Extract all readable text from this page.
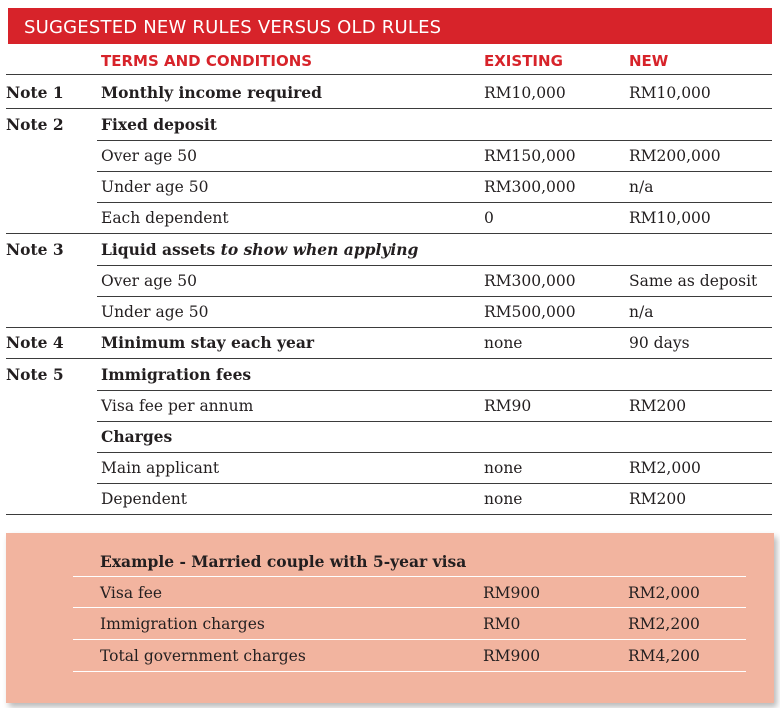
SUGGESTED NEW RULES VERSUS OLD RULES
TERMS AND CONDITIONS	EXISTING	NEW
Note 1 Monthly income required	RM10,000	RM10,000
Note 2 Fixed deposit
Over age 50	RM150,000	RM200,000
Under age 50	RM300,000	n/a
Each dependent	0	RM10,000
Note 3 Liquid assets to show when applying
Over age 50	RM300,000	Same as deposit
Under age 50	RM500,000	n/a
Note 4 Minimum stay each year	none	90 days
Note 5 Immigration fees
Visa fee per annum	RM90	RM200
Charges
Main applicant	none	RM2,000
Dependent	none	RM200
Example - Married couple with 5-year visa
Visa fee	RM900	RM2,000
Immigration charges	RM0	RM2,200
Total government charges	RM900	RM4,200
